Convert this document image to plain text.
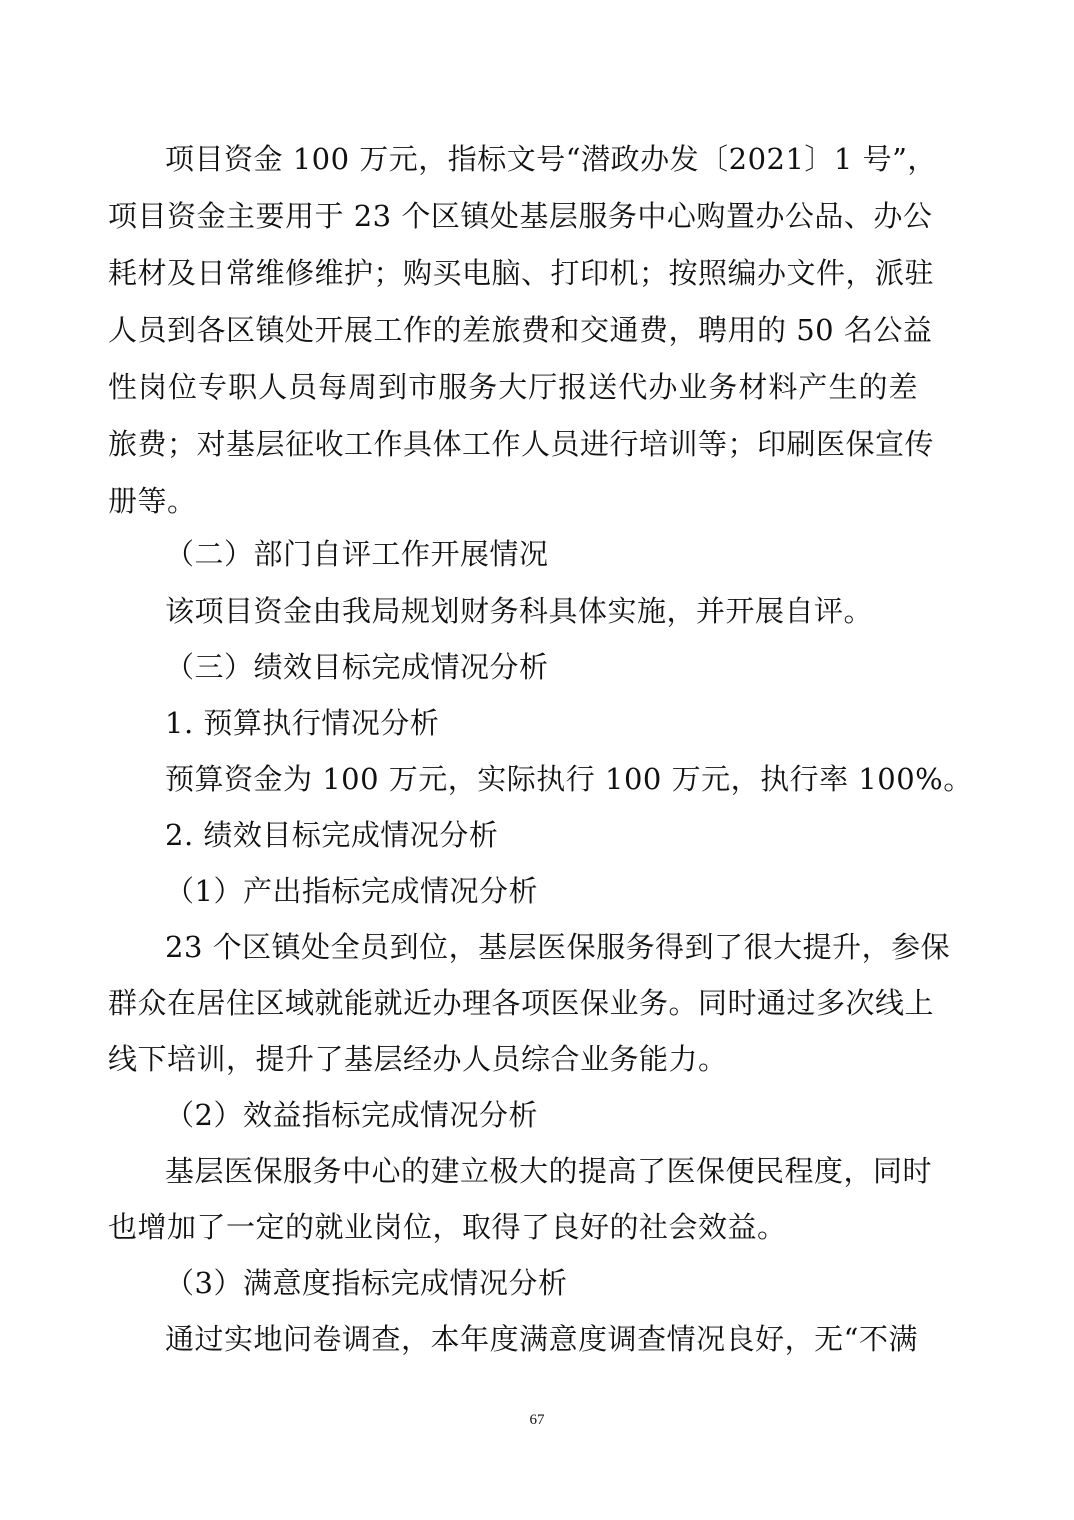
项目资金 100 万元，指标文号“潜政办发〔2021〕1 号”，
项目资金主要用于 23 个区镇处基层服务中心购置办公品、办公
耗材及日常维修维护；购买电脑、打印机；按照编办文件，派驻
人员到各区镇处开展工作的差旅费和交通费，聘用的 50 名公益
性岗位专职人员每周到市服务大厅报送代办业务材料产生的差
旅费；对基层征收工作具体工作人员进行培训等；印刷医保宣传
册等。
（二）部门自评工作开展情况
该项目资金由我局规划财务科具体实施，并开展自评。
（三）绩效目标完成情况分析
1. 预算执行情况分析
预算资金为 100 万元，实际执行 100 万元，执行率 100%。
2. 绩效目标完成情况分析
（1）产出指标完成情况分析
23 个区镇处全员到位，基层医保服务得到了很大提升，参保
群众在居住区域就能就近办理各项医保业务。同时通过多次线上
线下培训，提升了基层经办人员综合业务能力。
（2）效益指标完成情况分析
基层医保服务中心的建立极大的提高了医保便民程度，同时
也增加了一定的就业岗位，取得了良好的社会效益。
（3）满意度指标完成情况分析
通过实地问卷调查，本年度满意度调查情况良好，无“不满
67
